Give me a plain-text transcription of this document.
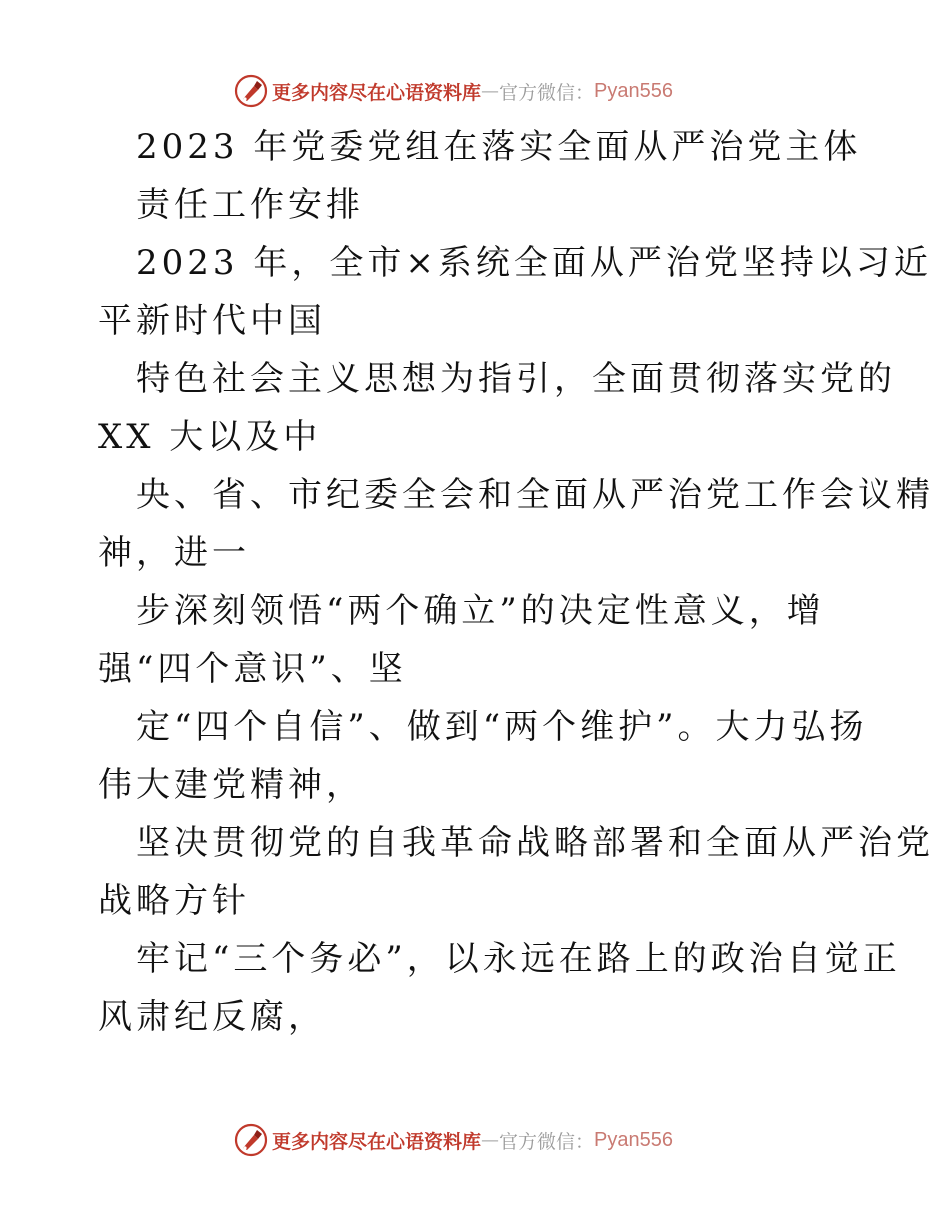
更多内容尽在心语资料库 — 官方微信： Pyan556
2023 年党委党组在落实全面从严治党主体
责任工作安排
2023 年，全市×系统全面从严治党坚持以习近
平新时代中国
特色社会主义思想为指引，全面贯彻落实党的
XX 大以及中
央、省、市纪委全会和全面从严治党工作会议精
神，进一
步深刻领悟“两个确立”的决定性意义，增
强“四个意识”、坚
定“四个自信”、做到“两个维护”。大力弘扬
伟大建党精神，
坚决贯彻党的自我革命战略部署和全面从严治党
战略方针
牢记“三个务必”，以永远在路上的政治自觉正
风肃纪反腐，
更多内容尽在心语资料库 — 官方微信： Pyan556
